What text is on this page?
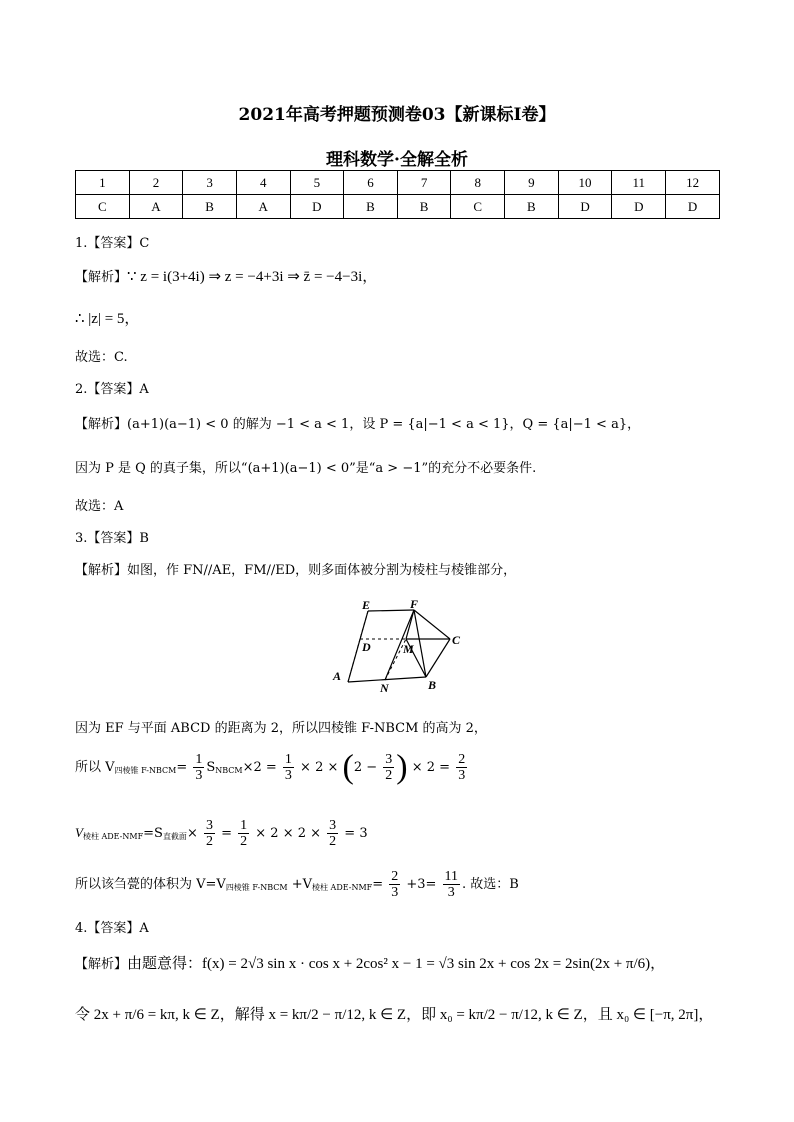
2021年高考押题预测卷03【新课标Ⅰ卷】
理科数学·全解全析
1	2	3	4	5	6	7	8	9	10	11	12
C	A	B	A	D	B	B	C	B	D	D	D
1.【答案】C
【解析】∵ z = i(3+4i) ⇒ z = −4+3i ⇒ z̄ = −4−3i，
∴ |z| = 5，
故选：C.
2.【答案】A
【解析】(a+1)(a−1) < 0 的解为 −1 < a < 1，设 P = {a|−1 < a < 1}，Q = {a|−1 < a}，
因为 P 是 Q 的真子集，所以“(a+1)(a−1) < 0”是“a > −1”的充分不必要条件.
故选：A
3.【答案】B
【解析】如图，作 FN//AE，FM//ED，则多面体被分割为棱柱与棱锥部分，
E	F
C
D	M
A
N	B
因为 EF 与平面 ABCD 的距离为 2，所以四棱锥 F-NBCM 的高为 2，
所以 $V_{四棱锥 F-NBCM}= \frac{1}{3} S_{NBCM}\times 2 = \frac{1}{3} \times 2 \times (2 - \frac{3}{2}$ ) × $2 = \frac{2}{3}$
$V_{棱柱 ADE-NMF}=S_{直截面}\times \frac{3}{2} = \frac{1}{2} \times 2 \times 2 \times \frac{3}{2} = 3$
所以该刍甍的体积为 $V=V_{四棱锥 F-NBCM} +V_{棱柱 ADE-NMF}= \frac{2}{3} +3= \frac{11}{3}$ . 故选：B
4.【答案】A
【解析】由题意得：f(x) = 2√3 sin x · cos x + 2cos² x − 1 = √3 sin 2x + cos 2x = 2sin(2x + π/6)，
令 2x + π/6 = kπ, k ∈ Z，解得 x = kπ/2 − π/12, k ∈ Z，即 x₀ = kπ/2 − π/12, k ∈ Z，且 x₀ ∈ [−π, 2π]，
